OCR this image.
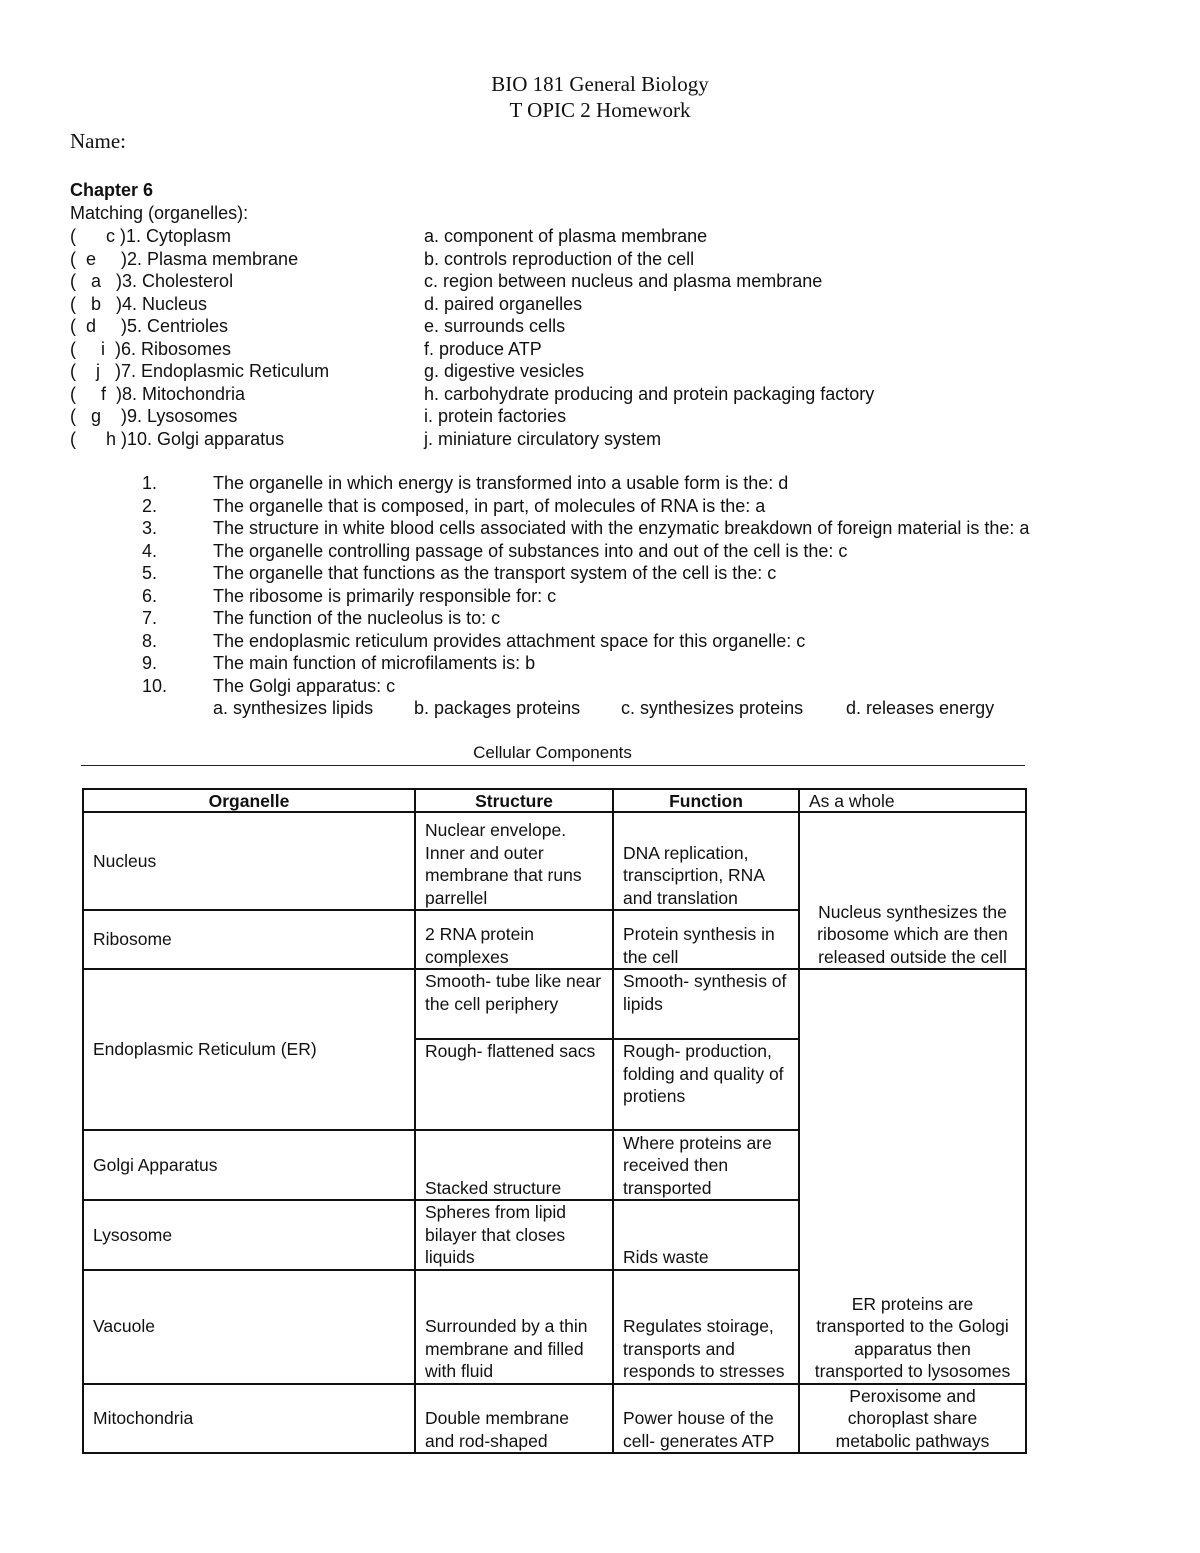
BIO 181 General Biology
T OPIC 2 Homework
Name:
Chapter 6
Matching (organelles):
(      c )1. Cytoplasm	a. component of plasma membrane
(  e     )2. Plasma membrane	b. controls reproduction of the cell
(   a   )3. Cholesterol	c. region between nucleus and plasma membrane
(   b   )4. Nucleus	d. paired organelles
(  d     )5. Centrioles	e. surrounds cells
(     i  )6. Ribosomes	f. produce ATP
(    j   )7. Endoplasmic Reticulum	g. digestive vesicles
(     f  )8. Mitochondria	h. carbohydrate producing and protein packaging factory
(   g    )9. Lysosomes	i. protein factories
(      h )10. Golgi apparatus	j. miniature circulatory system
1.	The organelle in which energy is transformed into a usable form is the: d
2.	The organelle that is composed, in part, of molecules of RNA is the: a
3.	The structure in white blood cells associated with the enzymatic breakdown of foreign material is the: a
4.	The organelle controlling passage of substances into and out of the cell is the: c
5.	The organelle that functions as the transport system of the cell is the: c
6.	The ribosome is primarily responsible for: c
7.	The function of the nucleolus is to: c
8.	The endoplasmic reticulum provides attachment space for this organelle: c
9.	The main function of microfilaments is: b
10.	The Golgi apparatus: c

a. synthesizes lipids

b. packages proteins

c. synthesizes proteins

d. releases energy

Cellular Components
Organelle	Structure	Function	As a whole
Nucleus	Nuclear envelope. Inner and outer membrane that runs parrellel	DNA replication, transciprtion, RNA and translation	Nucleus synthesizes the ribosome which are then released outside the cell
Ribosome	2 RNA protein complexes	Protein synthesis in the cell	
Endoplasmic Reticulum (ER)	Smooth- tube like near the cell periphery	Smooth- synthesis of lipids	ER proteins are transported to the Gologi apparatus then transported to lysosomes
	Rough- flattened sacs	Rough- production, folding and quality of protiens	
Golgi Apparatus	Stacked structure	Where proteins are received then transported	
Lysosome	Spheres from lipid bilayer that closes liquids	Rids waste	
Vacuole	Surrounded by a thin membrane and filled with fluid	Regulates stoirage, transports and responds to stresses	
Mitochondria	Double membrane and rod-shaped	Power house of the cell- generates ATP	Peroxisome and choroplast share metabolic pathways
